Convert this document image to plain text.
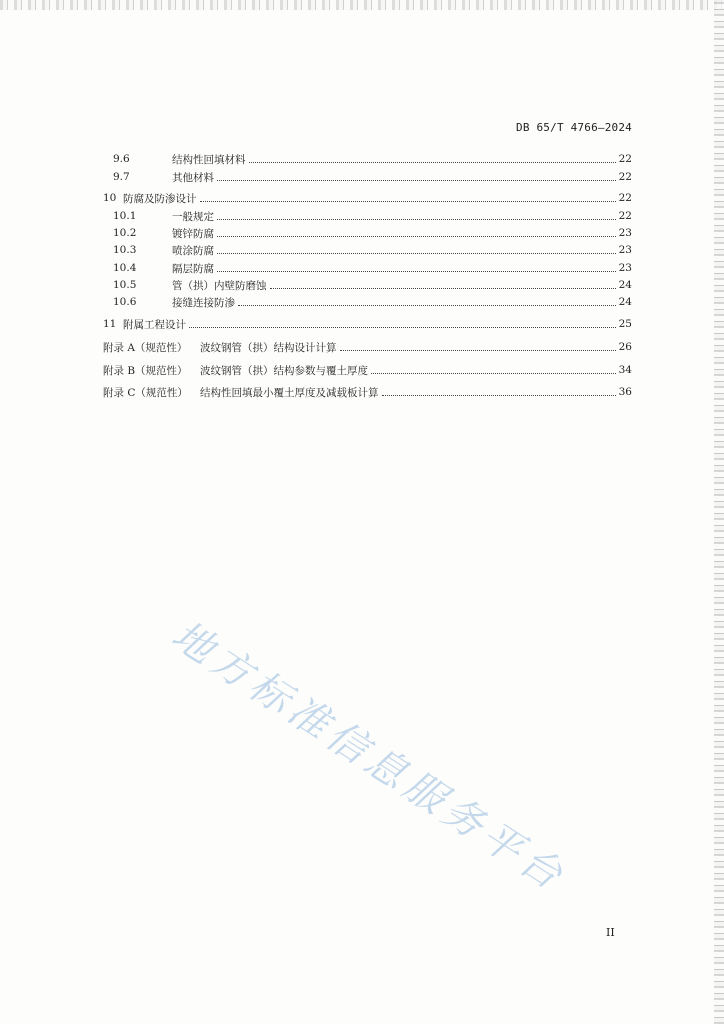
DB 65/T 4766—2024
9.6	结构性回填材料	22
9.7	其他材料	22
10 防腐及防渗设计	22
10.1	一般规定	22
10.2	镀锌防腐	23
10.3	喷涂防腐	23
10.4	隔层防腐	23
10.5	管（拱）内壁防磨蚀	24
10.6	接缝连接防渗	24
11 附属工程设计	25
附录 A（规范性）	波纹钢管（拱）结构设计计算	26
附录 B（规范性）	波纹钢管（拱）结构参数与覆土厚度	34
附录 C（规范性）	结构性回填最小覆土厚度及减载板计算	36
地方标准信息服务平台
II
